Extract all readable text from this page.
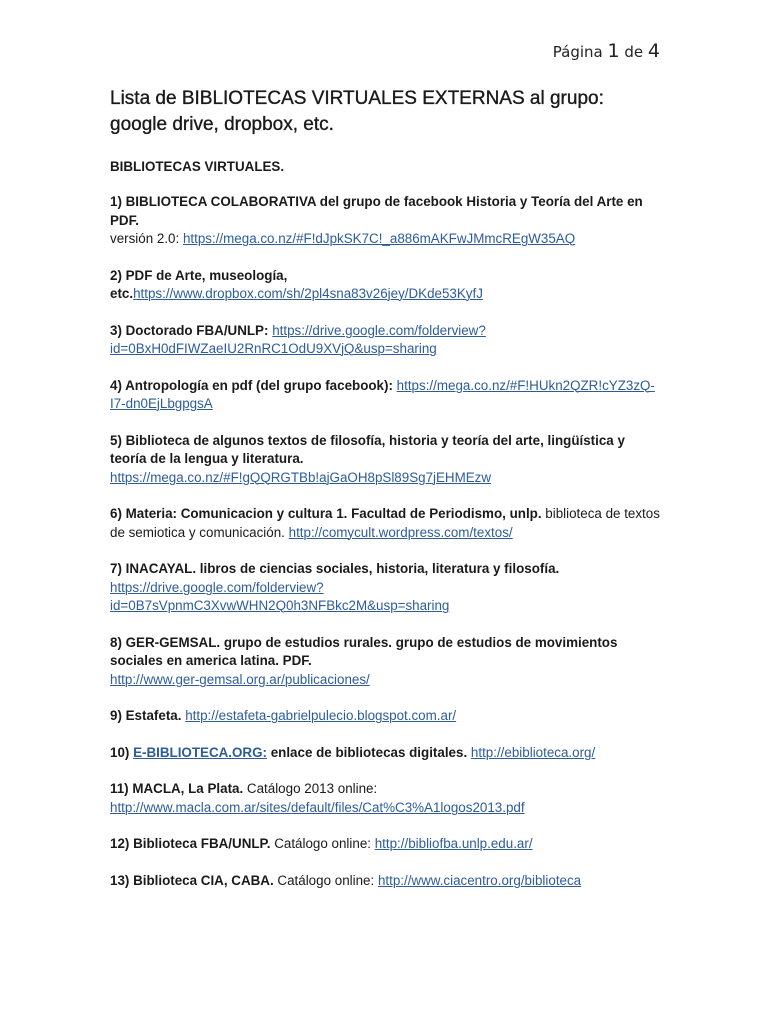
Página 1 de 4
Lista de BIBLIOTECAS VIRTUALES EXTERNAS al grupo: google drive, dropbox, etc.
BIBLIOTECAS VIRTUALES.
1) BIBLIOTECA COLABORATIVA del grupo de facebook Historia y Teoría del Arte en PDF.
versión 2.0: https://mega.co.nz/#F!dJpkSK7C!_a886mAKFwJMmcREgW35AQ
2) PDF de Arte, museología, etc.https://www.dropbox.com/sh/2pl4sna83v26jey/DKde53KyfJ
3) Doctorado FBA/UNLP: https://drive.google.com/folderview?id=0BxH0dFIWZaeIU2RnRC1OdU9XVjQ&usp=sharing
4) Antropología en pdf (del grupo facebook): https://mega.co.nz/#F!HUkn2QZR!cYZ3zQ-I7-dn0EjLbgpgsA
5) Biblioteca de algunos textos de filosofía, historia y teoría del arte, lingüística y teoría de la lengua y literatura. https://mega.co.nz/#F!gQQRGTBb!ajGaOH8pSl89Sg7jEHMEzw
6) Materia: Comunicacion y cultura 1. Facultad de Periodismo, unlp. biblioteca de textos de semiotica y comunicación. http://comycult.wordpress.com/textos/
7) INACAYAL. libros de ciencias sociales, historia, literatura y filosofía. https://drive.google.com/folderview?id=0B7sVpnmC3XvwWHN2Q0h3NFBkc2M&usp=sharing
8) GER-GEMSAL. grupo de estudios rurales. grupo de estudios de movimientos sociales en america latina. PDF.
http://www.ger-gemsal.org.ar/publicaciones/
9) Estafeta. http://estafeta-gabrielpulecio.blogspot.com.ar/
10) E-BIBLIOTECA.ORG: enlace de bibliotecas digitales. http://ebiblioteca.org/
11) MACLA, La Plata. Catálogo 2013 online: http://www.macla.com.ar/sites/default/files/Cat%C3%A1logos2013.pdf
12) Biblioteca FBA/UNLP. Catálogo online: http://bibliofba.unlp.edu.ar/
13) Biblioteca CIA, CABA. Catálogo online: http://www.ciacentro.org/biblioteca
